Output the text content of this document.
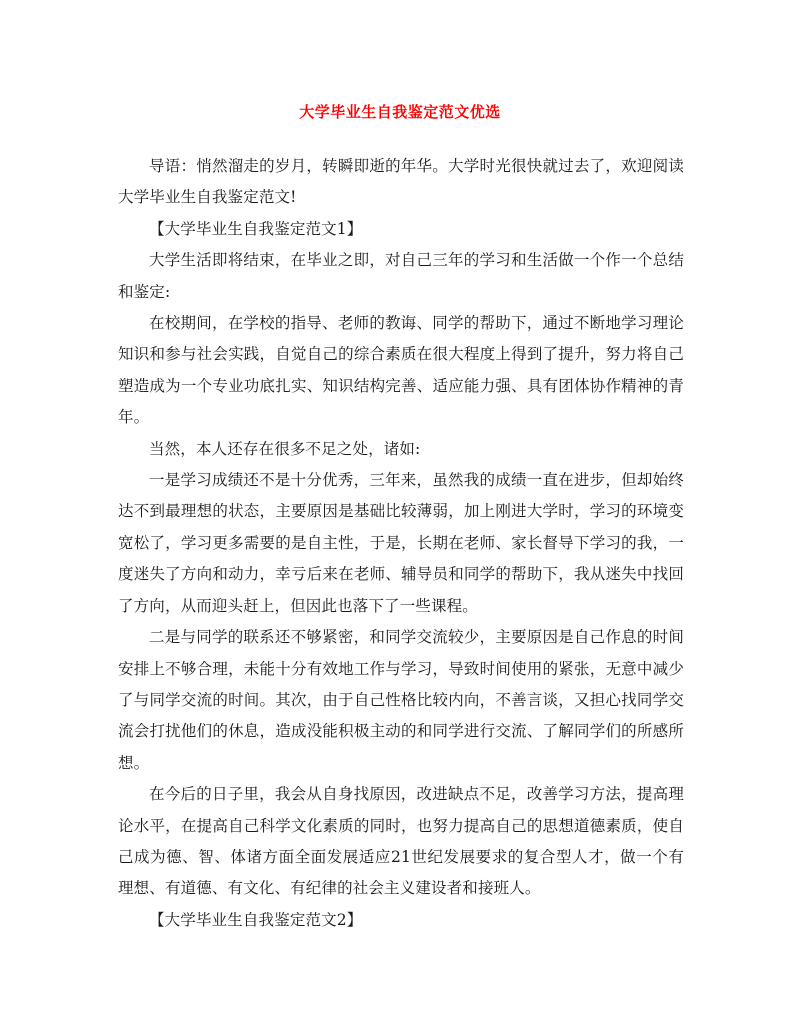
大学毕业生自我鉴定范文优选

导语：悄然溜走的岁月，转瞬即逝的年华。大学时光很快就过去了，欢迎阅读大学毕业生自我鉴定范文!

【大学毕业生自我鉴定范文1】

大学生活即将结束，在毕业之即，对自己三年的学习和生活做一个作一个总结和鉴定:

在校期间，在学校的指导、老师的教诲、同学的帮助下，通过不断地学习理论知识和参与社会实践，自觉自己的综合素质在很大程度上得到了提升，努力将自己塑造成为一个专业功底扎实、知识结构完善、适应能力强、具有团体协作精神的青年。

当然，本人还存在很多不足之处，诸如:

一是学习成绩还不是十分优秀，三年来，虽然我的成绩一直在进步，但却始终达不到最理想的状态，主要原因是基础比较薄弱，加上刚进大学时，学习的环境变宽松了，学习更多需要的是自主性，于是，长期在老师、家长督导下学习的我，一度迷失了方向和动力，幸亏后来在老师、辅导员和同学的帮助下，我从迷失中找回了方向，从而迎头赶上，但因此也落下了一些课程。

二是与同学的联系还不够紧密，和同学交流较少，主要原因是自己作息的时间安排上不够合理，未能十分有效地工作与学习，导致时间使用的紧张，无意中减少了与同学交流的时间。其次，由于自己性格比较内向，不善言谈，又担心找同学交流会打扰他们的休息，造成没能积极主动的和同学进行交流、了解同学们的所感所想。

在今后的日子里，我会从自身找原因，改进缺点不足，改善学习方法，提高理论水平，在提高自己科学文化素质的同时，也努力提高自己的思想道德素质，使自己成为德、智、体诸方面全面发展适应21世纪发展要求的复合型人才，做一个有理想、有道德、有文化、有纪律的社会主义建设者和接班人。

【大学毕业生自我鉴定范文2】
